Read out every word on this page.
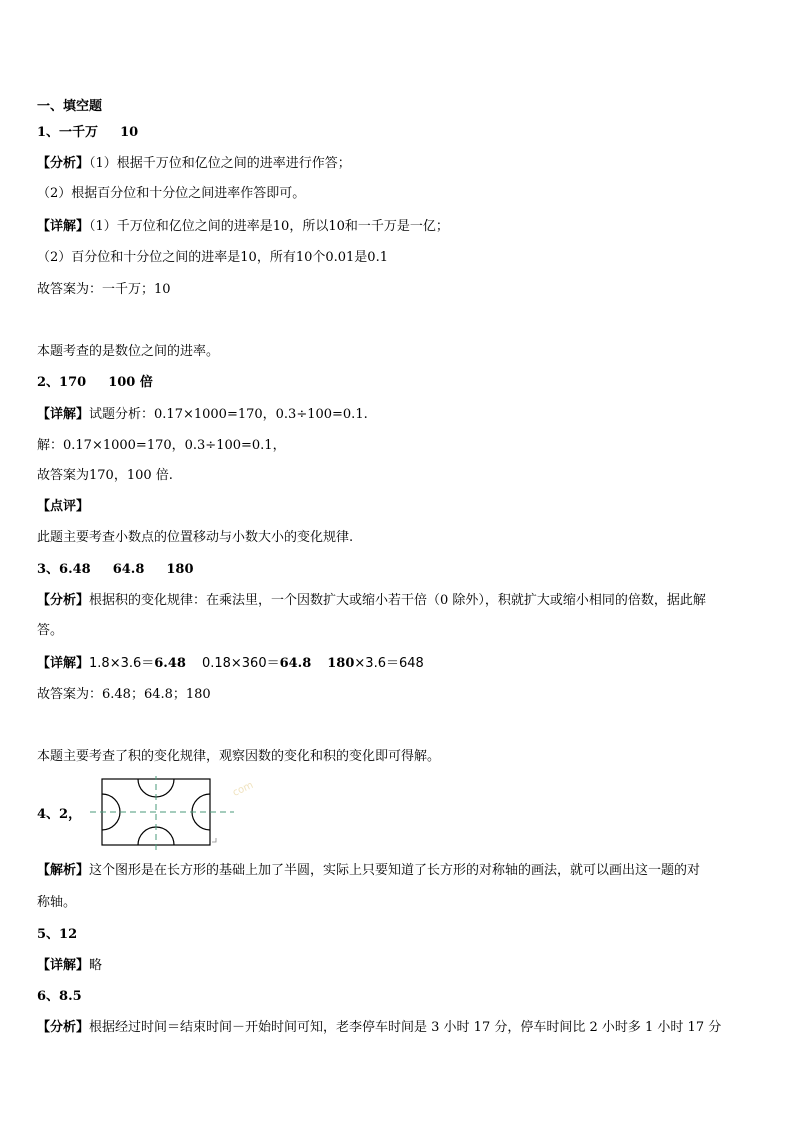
一、填空题
1、一千万 10
【分析】（1）根据千万位和亿位之间的进率进行作答；
（2）根据百分位和十分位之间进率作答即可。
【详解】（1）千万位和亿位之间的进率是10，所以10和一千万是一亿；
（2）百分位和十分位之间的进率是10，所有10个0.01是0.1
故答案为：一千万；10
本题考查的是数位之间的进率。
2、170 100 倍
【详解】试题分析：0.17×1000=170，0.3÷100=0.1.
解：0.17×1000=170，0.3÷100=0.1，
故答案为170，100 倍.
【点评】
此题主要考查小数点的位置移动与小数大小的变化规律.
3、6.48 64.8 180
【分析】根据积的变化规律：在乘法里，一个因数扩大或缩小若干倍（0 除外），积就扩大或缩小相同的倍数，据此解
答。
【详解】1.8×3.6＝6.48 0.18×360＝64.8 180×3.6＝648
故答案为：6.48；64.8；180
本题主要考查了积的变化规律，观察因数的变化和积的变化即可得解。
4、2，
com
【解析】这个图形是在长方形的基础上加了半圆，实际上只要知道了长方形的对称轴的画法，就可以画出这一题的对
称轴。
5、12
【详解】略
6、8.5
【分析】根据经过时间＝结束时间－开始时间可知，老李停车时间是 3 小时 17 分，停车时间比 2 小时多 1 小时 17 分
